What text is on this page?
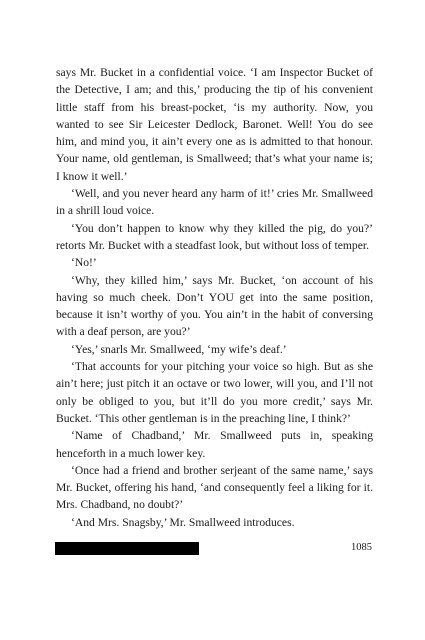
says Mr. Bucket in a confidential voice. ‘I am Inspector Bucket of the Detective, I am; and this,’ producing the tip of his convenient little staff from his breast-pocket, ‘is my authority. Now, you wanted to see Sir Leicester Dedlock, Baronet. Well! You do see him, and mind you, it ain’t every one as is admitted to that honour. Your name, old gentleman, is Smallweed; that’s what your name is; I know it well.’

‘Well, and you never heard any harm of it!’ cries Mr. Smallweed in a shrill loud voice.

‘You don’t happen to know why they killed the pig, do you?’ retorts Mr. Bucket with a steadfast look, but without loss of temper.

‘No!’

‘Why, they killed him,’ says Mr. Bucket, ‘on account of his having so much cheek. Don’t YOU get into the same position, because it isn’t worthy of you. You ain’t in the habit of conversing with a deaf person, are you?’

‘Yes,’ snarls Mr. Smallweed, ‘my wife’s deaf.’

‘That accounts for your pitching your voice so high. But as she ain’t here; just pitch it an octave or two lower, will you, and I’ll not only be obliged to you, but it’ll do you more credit,’ says Mr. Bucket. ‘This other gentleman is in the preaching line, I think?’

‘Name of Chadband,’ Mr. Smallweed puts in, speaking henceforth in a much lower key.

‘Once had a friend and brother serjeant of the same name,’ says Mr. Bucket, offering his hand, ‘and consequently feel a liking for it. Mrs. Chadband, no doubt?’

‘And Mrs. Snagsby,’ Mr. Smallweed introduces.

1085
